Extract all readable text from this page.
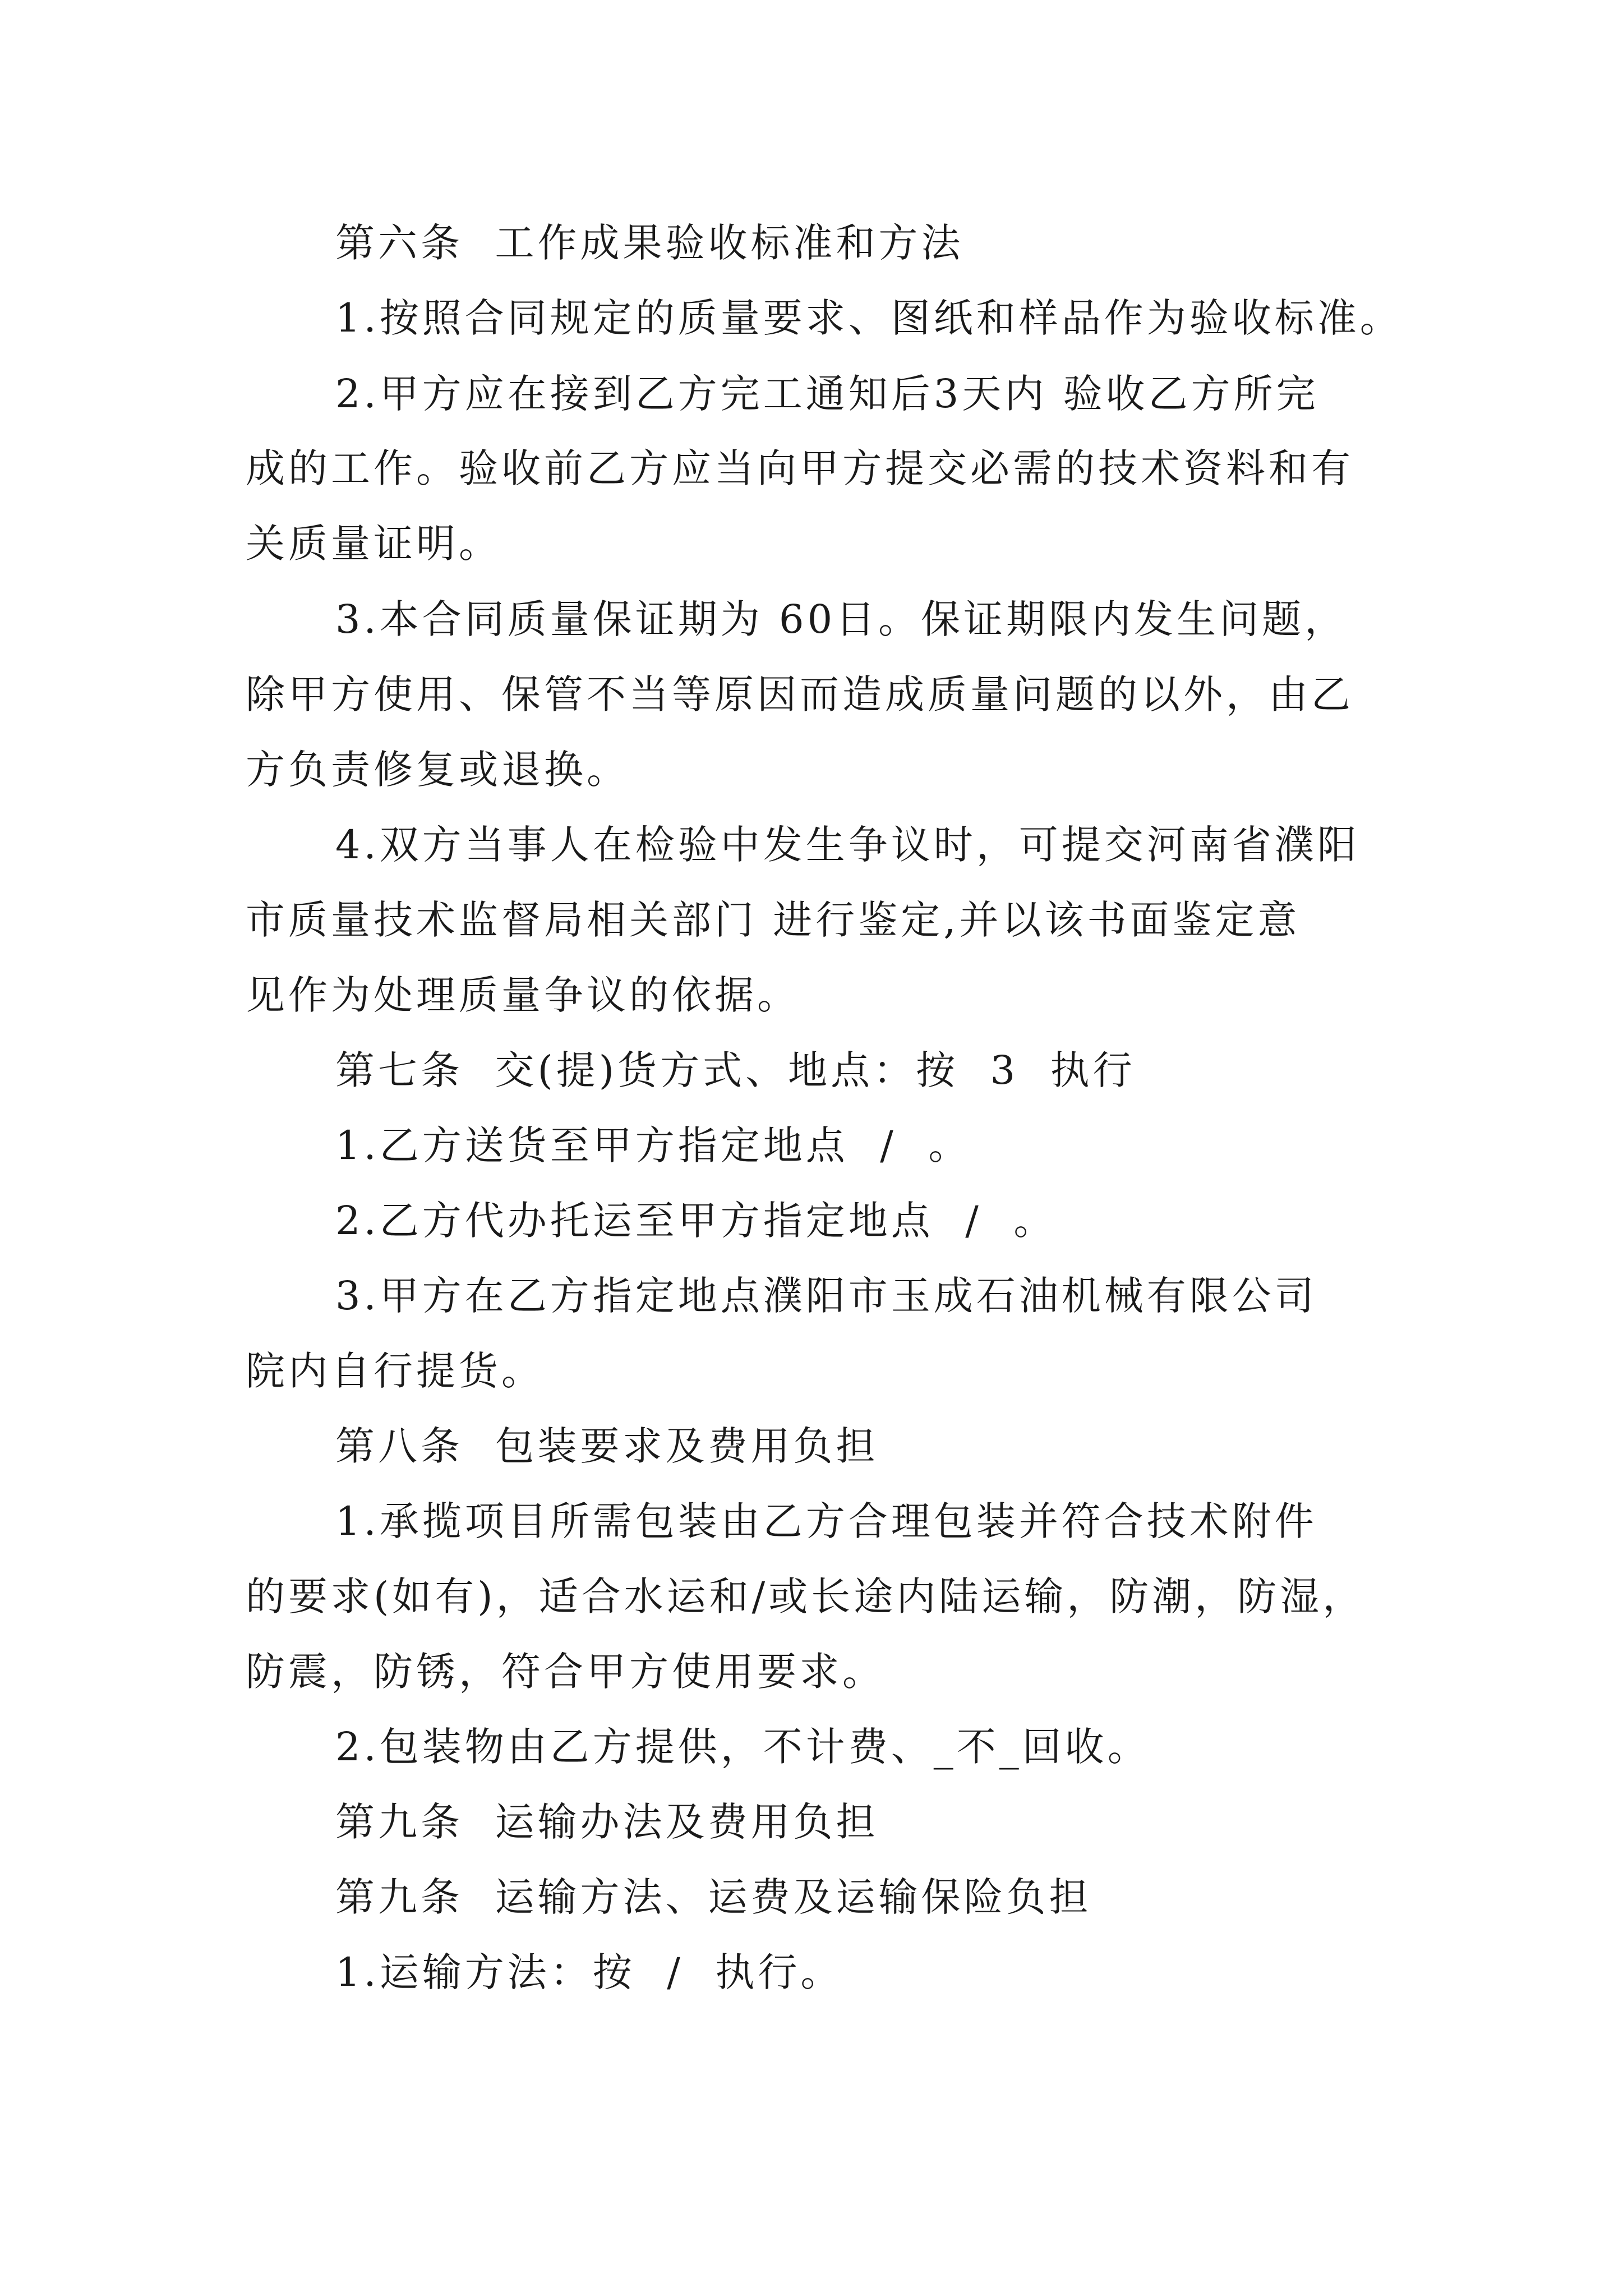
第六条  工作成果验收标准和方法
1.按照合同规定的质量要求、图纸和样品作为验收标准。
2.甲方应在接到乙方完工通知后3天内 验收乙方所完
成的工作。验收前乙方应当向甲方提交必需的技术资料和有
关质量证明。
3.本合同质量保证期为 60日。保证期限内发生问题，
除甲方使用、保管不当等原因而造成质量问题的以外，由乙
方负责修复或退换。
4.双方当事人在检验中发生争议时，可提交河南省濮阳
市质量技术监督局相关部门 进行鉴定,并以该书面鉴定意
见作为处理质量争议的依据。
第七条  交(提)货方式、地点：按  3  执行
1.乙方送货至甲方指定地点  /  。
2.乙方代办托运至甲方指定地点  /  。
3.甲方在乙方指定地点濮阳市玉成石油机械有限公司
院内自行提货。
第八条  包装要求及费用负担
1.承揽项目所需包装由乙方合理包装并符合技术附件
的要求(如有)，适合水运和/或长途内陆运输，防潮，防湿，
防震，防锈，符合甲方使用要求。
2.包装物由乙方提供，不计费、_不_回收。
第九条  运输办法及费用负担
第九条  运输方法、运费及运输保险负担
1.运输方法：按  /  执行。
